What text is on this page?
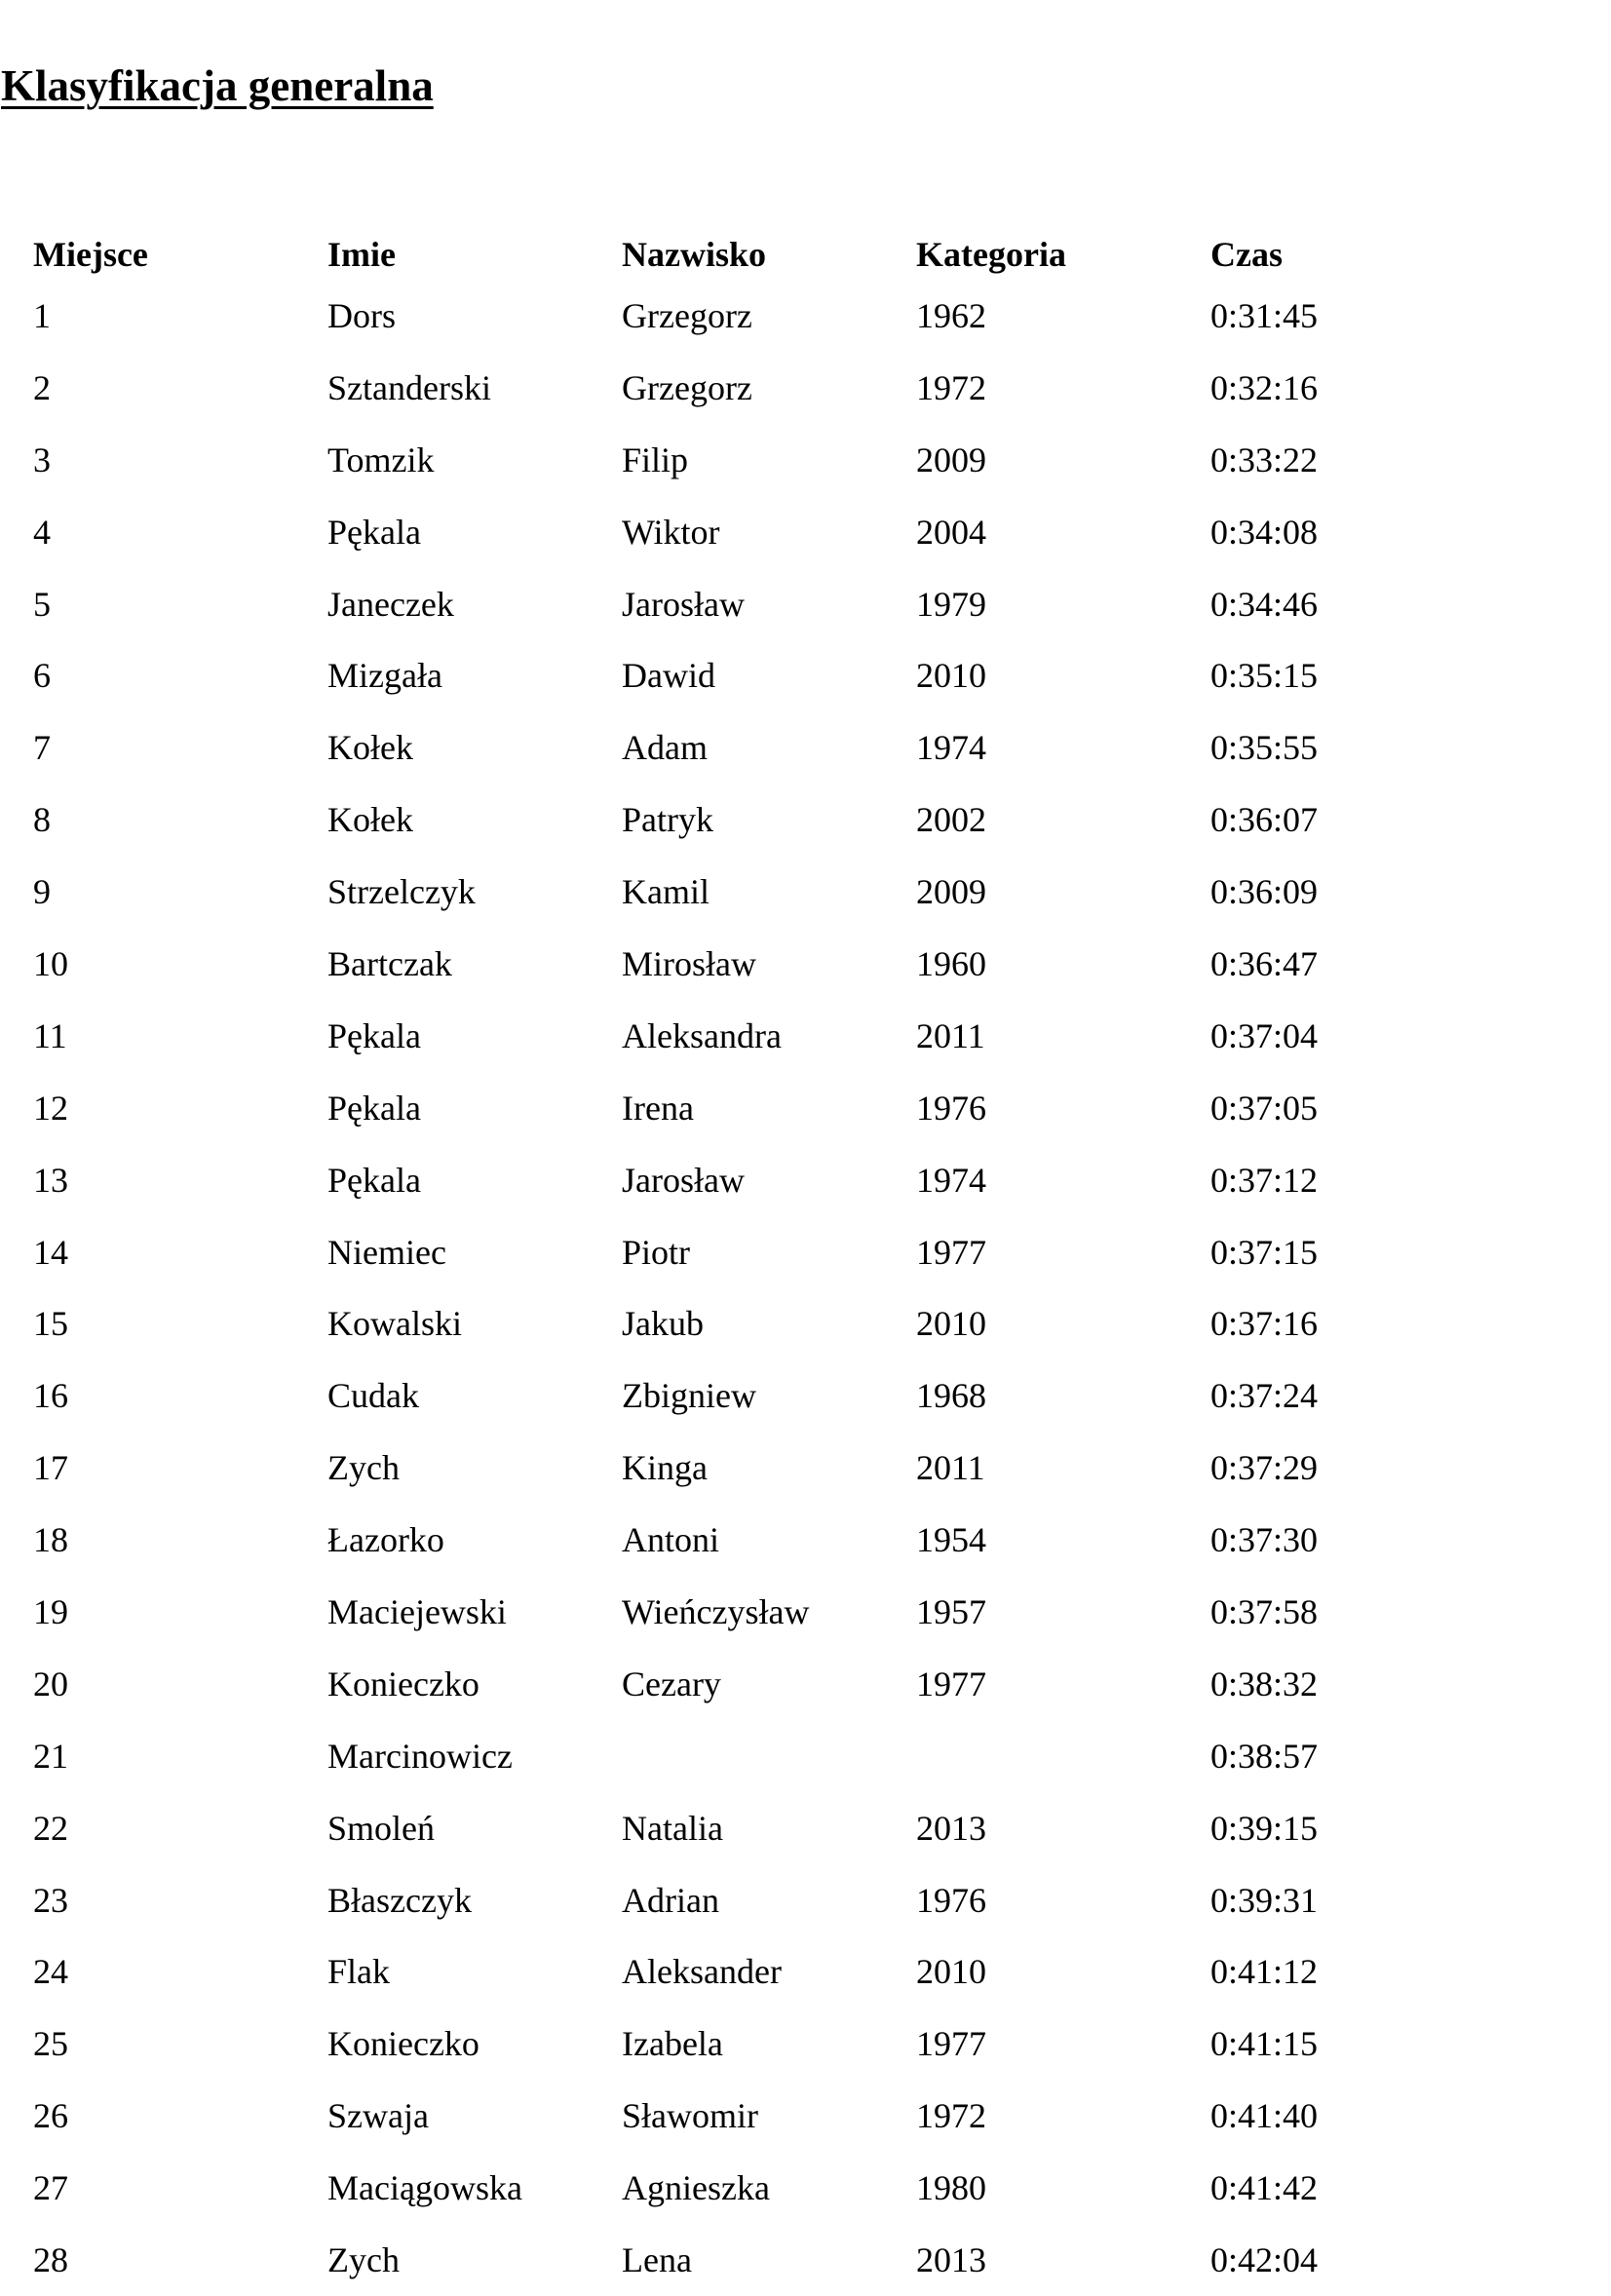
Klasyfikacja generalna
Miejsce	Imie	Nazwisko	Kategoria	Czas
1	Dors	Grzegorz	1962	0:31:45
2	Sztanderski	Grzegorz	1972	0:32:16
3	Tomzik	Filip	2009	0:33:22
4	Pękala	Wiktor	2004	0:34:08
5	Janeczek	Jarosław	1979	0:34:46
6	Mizgała	Dawid	2010	0:35:15
7	Kołek	Adam	1974	0:35:55
8	Kołek	Patryk	2002	0:36:07
9	Strzelczyk	Kamil	2009	0:36:09
10	Bartczak	Mirosław	1960	0:36:47
11	Pękala	Aleksandra	2011	0:37:04
12	Pękala	Irena	1976	0:37:05
13	Pękala	Jarosław	1974	0:37:12
14	Niemiec	Piotr	1977	0:37:15
15	Kowalski	Jakub	2010	0:37:16
16	Cudak	Zbigniew	1968	0:37:24
17	Zych	Kinga	2011	0:37:29
18	Łazorko	Antoni	1954	0:37:30
19	Maciejewski	Wieńczysław	1957	0:37:58
20	Konieczko	Cezary	1977	0:38:32
21	Marcinowicz			0:38:57
22	Smoleń	Natalia	2013	0:39:15
23	Błaszczyk	Adrian	1976	0:39:31
24	Flak	Aleksander	2010	0:41:12
25	Konieczko	Izabela	1977	0:41:15
26	Szwaja	Sławomir	1972	0:41:40
27	Maciągowska	Agnieszka	1980	0:41:42
28	Zych	Lena	2013	0:42:04
